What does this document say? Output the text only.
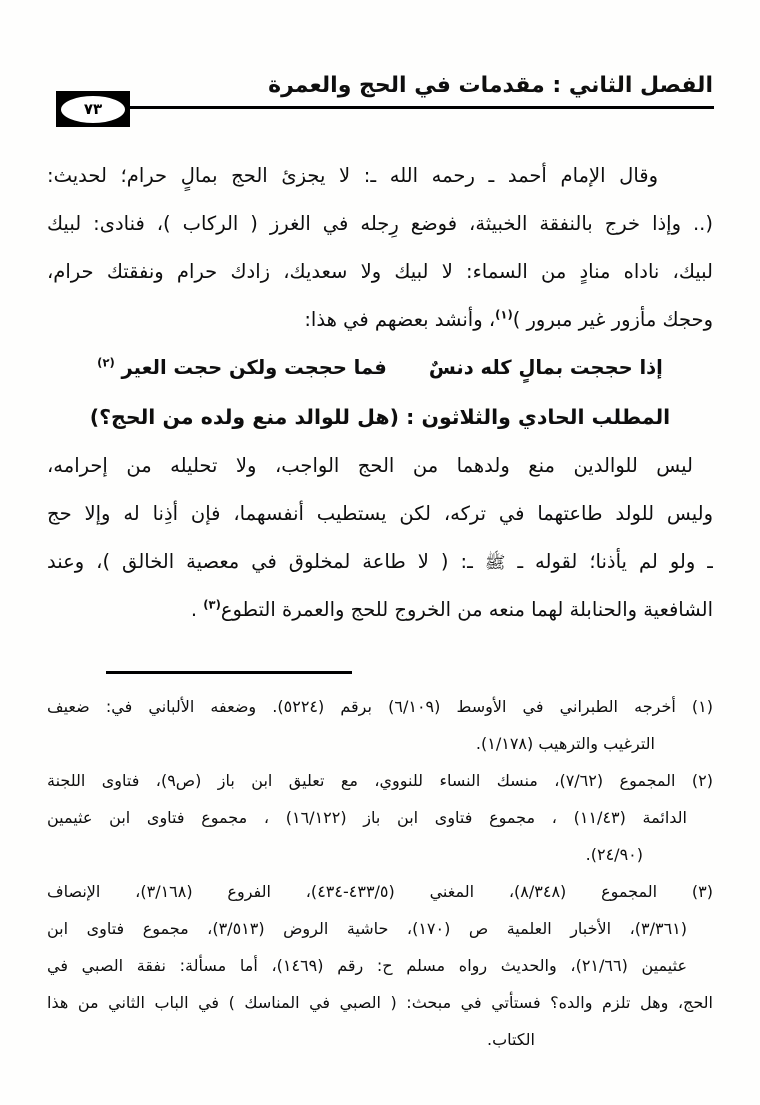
الفصل الثاني : مقدمات في الحج والعمرة
٧٣
وقال الإمام أحمد ـ رحمه الله ـ: لا يجزئ الحج بمالٍ حرام؛ لحديث:
(.. وإذا خرج بالنفقة الخبيثة، فوضع رِجله في الغرز ( الركاب )، فنادى: لبيك
لبيك، ناداه منادٍ من السماء: لا لبيك ولا سعديك، زادك حرام ونفقتك حرام،
وحجك مأزور غير مبرور )$^{(١)}$، وأنشد بعضهم في هذا:
إذا حججت بمالٍ كله دنسٌ
فما حججت ولكن حجت العير $^{(٢)}$
المطلب الحادي والثلاثون : (هل للوالد منع ولده من الحج؟)
ليس للوالدين منع ولدهما من الحج الواجب، ولا تحليله من إحرامه،
وليس للولد طاعتهما في تركه، لكن يستطيب أنفسهما، فإن أذِنا له وإلا حج
ـ ولو لم يأذنا؛ لقوله ـ ﷺ ـ: ( لا طاعة لمخلوق في معصية الخالق )، وعند
الشافعية والحنابلة لهما منعه من الخروج للحج والعمرة التطوع$^{(٣)}$ .
(١) أخرجه الطبراني في الأوسط (٦/١٠٩) برقم (٥٢٢٤). وضعفه الألباني في: ضعيف
الترغيب والترهيب (١/١٧٨).
(٢) المجموع (٧/٦٢)، منسك النساء للنووي، مع تعليق ابن باز (ص٩)، فتاوى اللجنة
الدائمة (١١/٤٣) ، مجموع فتاوى ابن باز (١٦/١٢٢) ، مجموع فتاوى ابن عثيمين
(٢٤/٩٠).
(٣) المجموع (٨/٣٤٨)، المغني (٥/⁦٤٣٣-٤٣٤⁩)، الفروع (٣/١٦٨)، الإنصاف
(٣/٣٦١)، الأخبار العلمية ص (١٧٠)، حاشية الروض (٣/٥١٣)، مجموع فتاوى ابن
عثيمين (٢١/٦٦)، والحديث رواه مسلم ح: رقم (١٤٦٩)، أما مسألة: نفقة الصبي في
الحج، وهل تلزم والده؟ فستأتي في مبحث: ( الصبي في المناسك ) في الباب الثاني من هذا
الكتاب.
